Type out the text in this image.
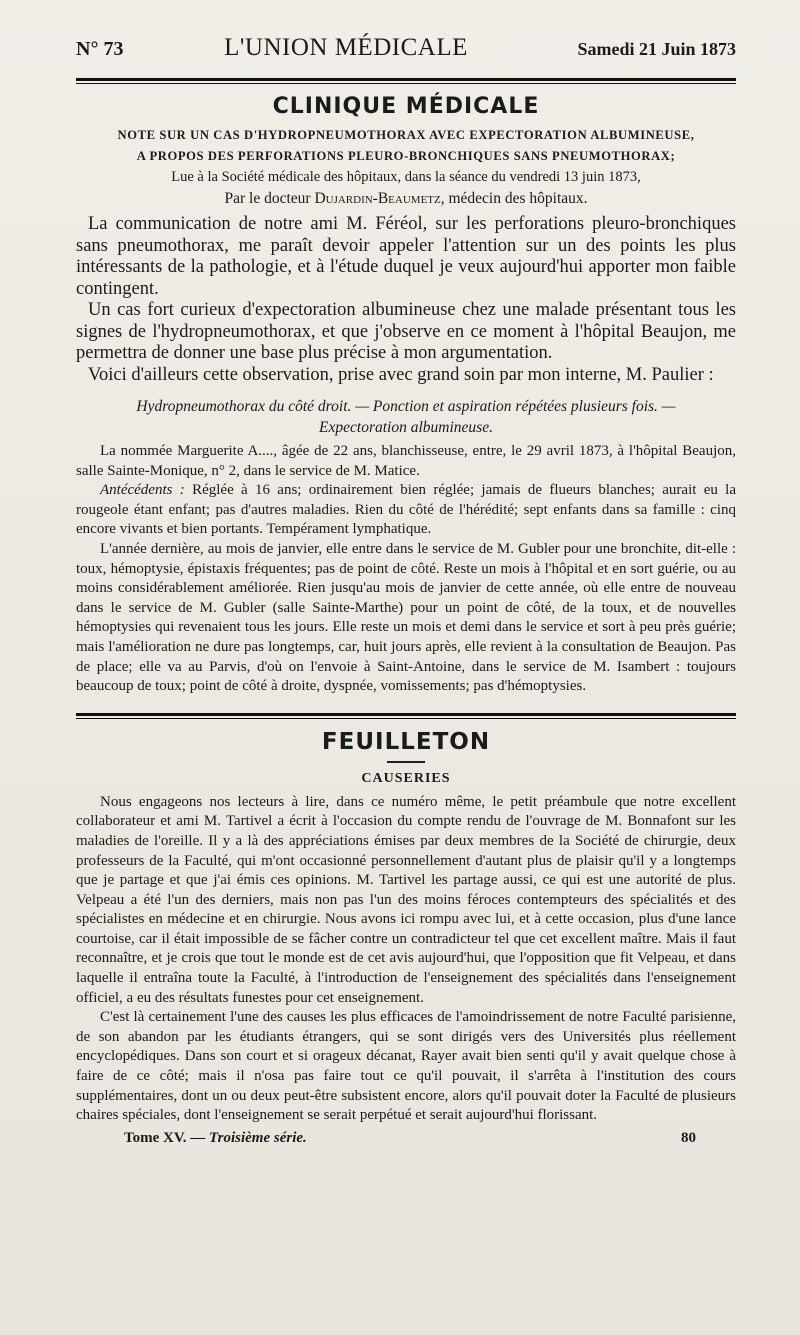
N° 73	L'UNION MÉDICALE	Samedi 21 Juin 1873
CLINIQUE MÉDICALE
NOTE SUR UN CAS D'HYDROPNEUMOTHORAX AVEC EXPECTORATION ALBUMINEUSE,
A PROPOS DES PERFORATIONS PLEURO-BRONCHIQUES SANS PNEUMOTHORAX;
Lue à la Société médicale des hôpitaux, dans la séance du vendredi 13 juin 1873,
Par le docteur Dujardin-Beaumetz, médecin des hôpitaux.

La communication de notre ami M. Féréol, sur les perforations pleuro-bronchiques sans pneumothorax, me paraît devoir appeler l'attention sur un des points les plus intéressants de la pathologie, et à l'étude duquel je veux aujourd'hui apporter mon faible contingent.

Un cas fort curieux d'expectoration albumineuse chez une malade présentant tous les signes de l'hydropneumothorax, et que j'observe en ce moment à l'hôpital Beaujon, me permettra de donner une base plus précise à mon argumentation.

Voici d'ailleurs cette observation, prise avec grand soin par mon interne, M. Paulier :

Hydropneumothorax du côté droit. — Ponction et aspiration répétées plusieurs fois. —
Expectoration albumineuse.

La nommée Marguerite A...., âgée de 22 ans, blanchisseuse, entre, le 29 avril 1873, à l'hôpital Beaujon, salle Sainte-Monique, n° 2, dans le service de M. Matice.

Antécédents : Réglée à 16 ans; ordinairement bien réglée; jamais de flueurs blanches; aurait eu la rougeole étant enfant; pas d'autres maladies. Rien du côté de l'hérédité; sept enfants dans sa famille : cinq encore vivants et bien portants. Tempérament lymphatique.

L'année dernière, au mois de janvier, elle entre dans le service de M. Gubler pour une bronchite, dit-elle : toux, hémoptysie, épistaxis fréquentes; pas de point de côté. Reste un mois à l'hôpital et en sort guérie, ou au moins considérablement améliorée. Rien jusqu'au mois de janvier de cette année, où elle entre de nouveau dans le service de M. Gubler (salle Sainte-Marthe) pour un point de côté, de la toux, et de nouvelles hémoptysies qui revenaient tous les jours. Elle reste un mois et demi dans le service et sort à peu près guérie; mais l'amélioration ne dure pas longtemps, car, huit jours après, elle revient à la consultation de Beaujon. Pas de place; elle va au Parvis, d'où on l'envoie à Saint-Antoine, dans le service de M. Isambert : toujours beaucoup de toux; point de côté à droite, dyspnée, vomissements; pas d'hémoptysies.

FEUILLETON
CAUSERIES

Nous engageons nos lecteurs à lire, dans ce numéro même, le petit préambule que notre excellent collaborateur et ami M. Tartivel a écrit à l'occasion du compte rendu de l'ouvrage de M. Bonnafont sur les maladies de l'oreille. Il y a là des appréciations émises par deux membres de la Société de chirurgie, deux professeurs de la Faculté, qui m'ont occasionné personnellement d'autant plus de plaisir qu'il y a longtemps que je partage et que j'ai émis ces opinions. M. Tartivel les partage aussi, ce qui est une autorité de plus. Velpeau a été l'un des derniers, mais non pas l'un des moins féroces contempteurs des spécialités et des spécialistes en médecine et en chirurgie. Nous avons ici rompu avec lui, et à cette occasion, plus d'une lance courtoise, car il était impossible de se fâcher contre un contradicteur tel que cet excellent maître. Mais il faut reconnaître, et je crois que tout le monde est de cet avis aujourd'hui, que l'opposition que fit Velpeau, et dans laquelle il entraîna toute la Faculté, à l'introduction de l'enseignement des spécialités dans l'enseignement officiel, a eu des résultats funestes pour cet enseignement.

C'est là certainement l'une des causes les plus efficaces de l'amoindrissement de notre Faculté parisienne, de son abandon par les étudiants étrangers, qui se sont dirigés vers des Universités plus réellement encyclopédiques. Dans son court et si orageux décanat, Rayer avait bien senti qu'il y avait quelque chose à faire de ce côté; mais il n'osa pas faire tout ce qu'il pouvait, il s'arrêta à l'institution des cours supplémentaires, dont un ou deux peut-être subsistent encore, alors qu'il pouvait doter la Faculté de plusieurs chaires spéciales, dont l'enseignement se serait perpétué et serait aujourd'hui florissant.

Tome XV. — Troisième série.	80
